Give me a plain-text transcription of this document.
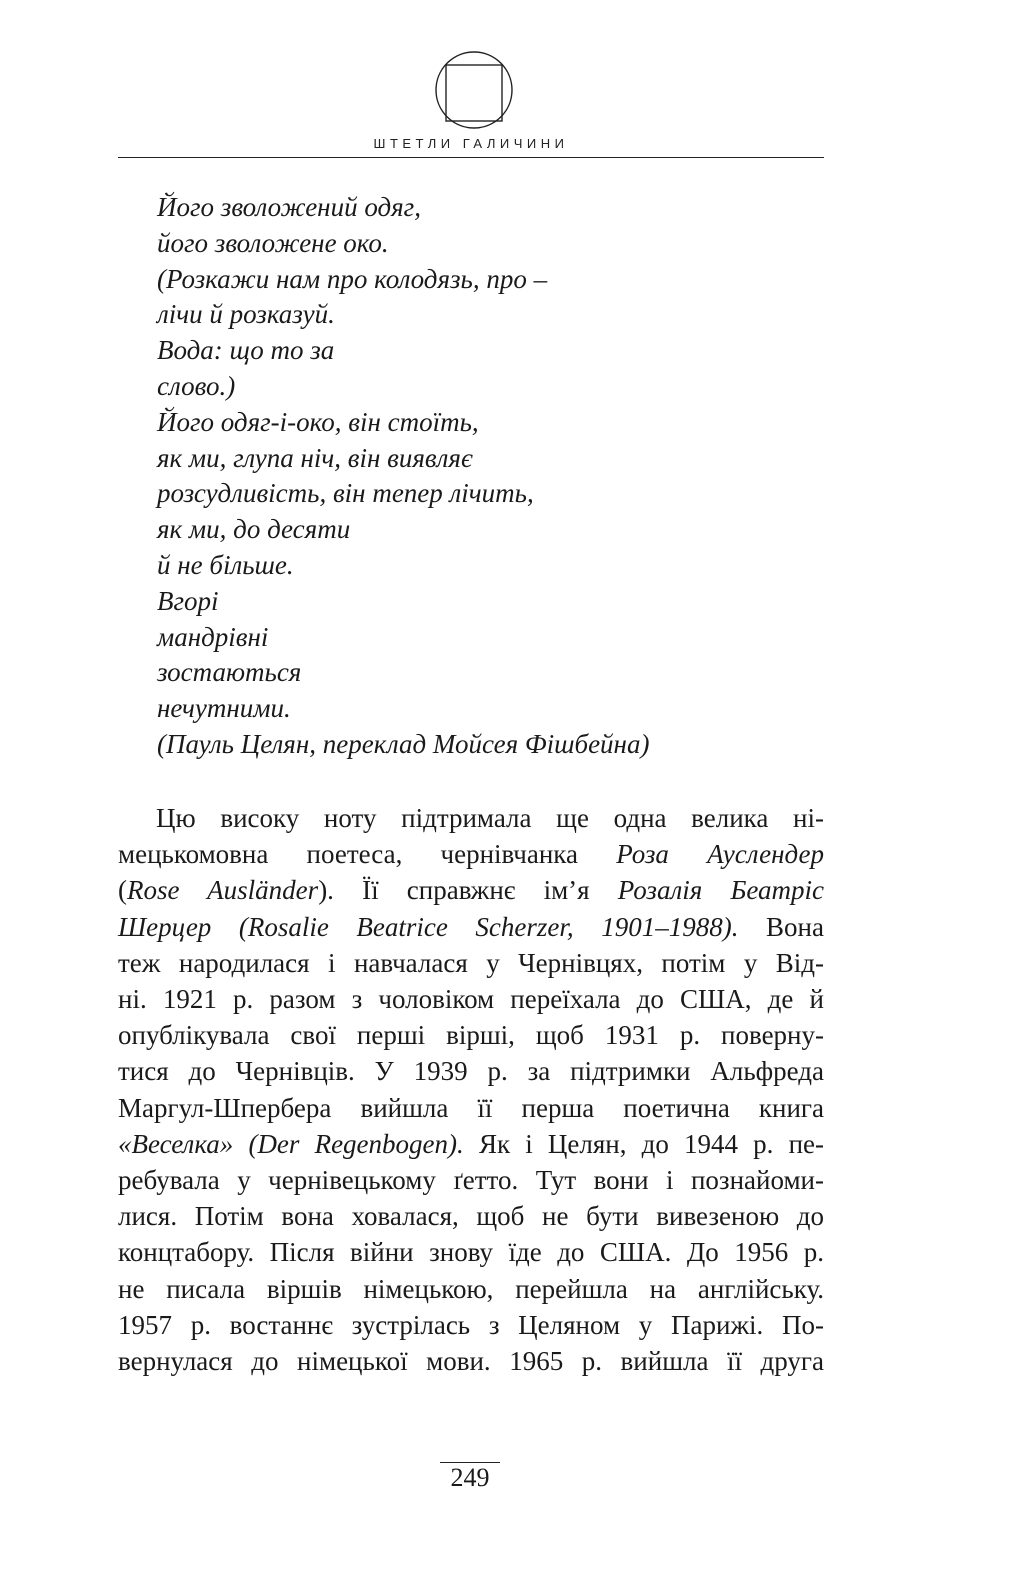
ШТЕТЛИ ГАЛИЧИНИ
Його зволожений одяг,
його зволожене око.
(Розкажи нам про колодязь, про –
лічи й розказуй.
Вода: що то за
слово.)
Його одяг-і-око, він стоїть,
як ми, глупа ніч, він виявляє
розсудливість, він тепер лічить,
як ми, до десяти
й не більше.
Вгорі
мандрівні
зостаються
нечутними.
(Пауль Целян, переклад Мойсея Фішбейна)
Цю високу ноту підтримала ще одна велика ні-
мецькомовна поетеса, чернівчанка Роза Ауслендер
(Rose Ausländer). Її справжнє ім’я Розалія Беатріс
Шерцер (Rosalie Beatrice Scherzer, 1901–1988). Вона
теж народилася і навчалася у Чернівцях, потім у Від-
ні. 1921 р. разом з чоловіком переїхала до США, де й
опублікувала свої перші вірші, щоб 1931 р. поверну-
тися до Чернівців. У 1939 р. за підтримки Альфреда
Маргул-Шпербера вийшла її перша поетична книга
«Веселка» (Der Regenbogen). Як і Целян, до 1944 р. пе-
ребувала у чернівецькому ґетто. Тут вони і познайоми-
лися. Потім вона ховалася, щоб не бути вивезеною до
концтабору. Після війни знову їде до США. До 1956 р.
не писала віршів німецькою, перейшла на англійську.
1957 р. востаннє зустрілась з Целяном у Парижі. По-
вернулася до німецької мови. 1965 р. вийшла її друга
249
